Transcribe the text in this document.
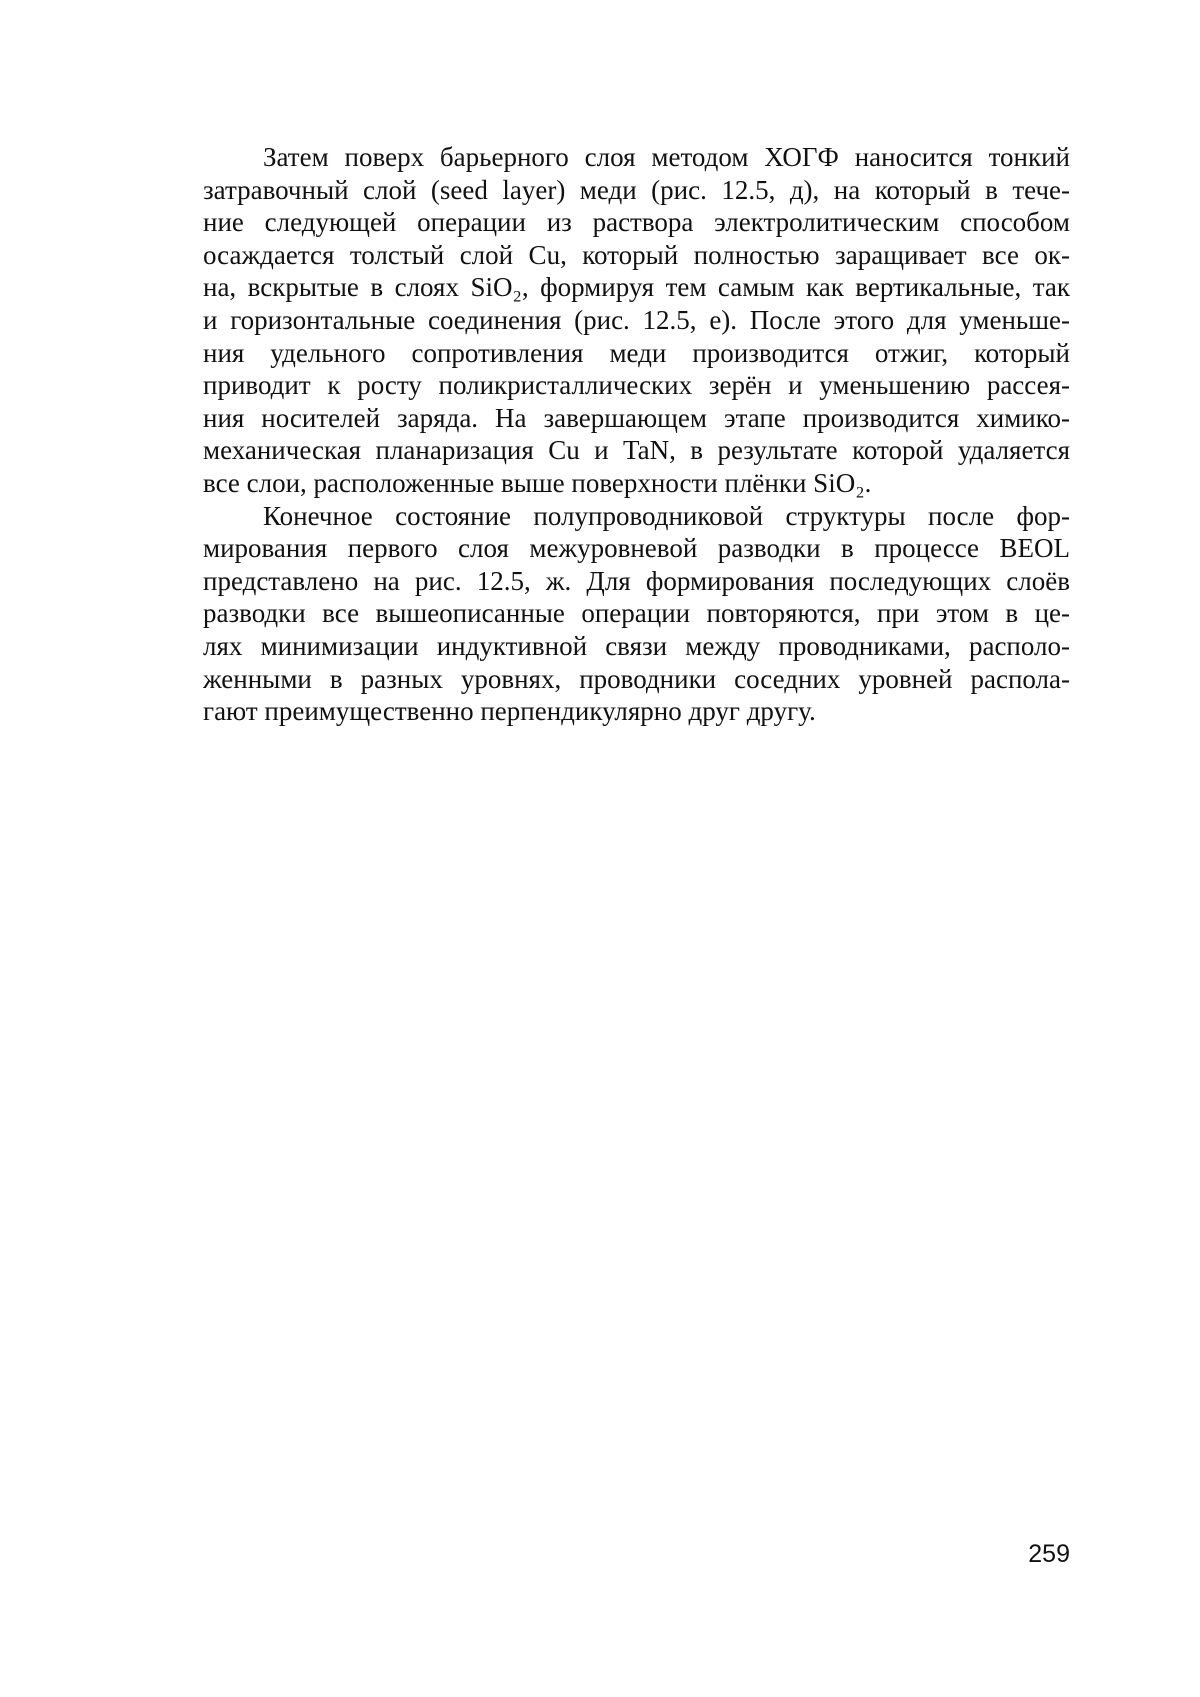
Затем поверх барьерного слоя методом ХОГФ наносится тонкий
затравочный слой (seed layer) меди (рис. 12.5, д), на который в тече-
ние следующей операции из раствора электролитическим способом
осаждается толстый слой Cu, который полностью заращивает все ок-
на, вскрытые в слоях SiO₂, формируя тем самым как вертикальные, так
и горизонтальные соединения (рис. 12.5, е). После этого для уменьше-
ния удельного сопротивления меди производится отжиг, который
приводит к росту поликристаллических зерён и уменьшению рассея-
ния носителей заряда. На завершающем этапе производится химико-
механическая планаризация Cu и TaN, в результате которой удаляется
все слои, расположенные выше поверхности плёнки SiO₂.
Конечное состояние полупроводниковой структуры после фор-
мирования первого слоя межуровневой разводки в процессе BEOL
представлено на рис. 12.5, ж. Для формирования последующих слоёв
разводки все вышеописанные операции повторяются, при этом в це-
лях минимизации индуктивной связи между проводниками, располо-
женными в разных уровнях, проводники соседних уровней распола-
гают преимущественно перпендикулярно друг другу.
259
